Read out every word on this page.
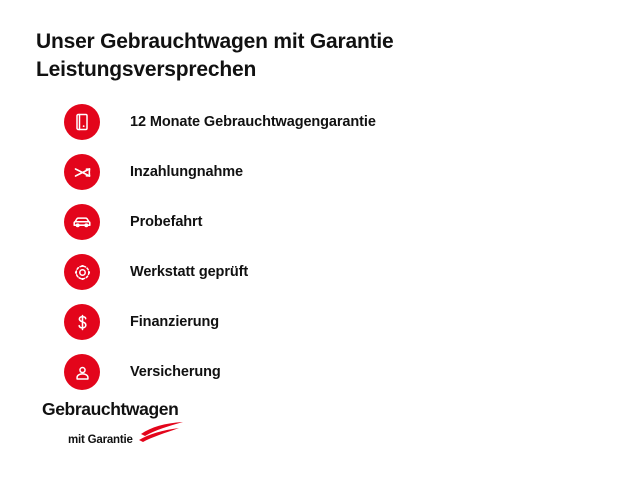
Unser Gebrauchtwagen mit Garantie
Leistungsversprechen
12 Monate Gebrauchtwagengarantie
Inzahlungnahme
Probefahrt
Werkstatt geprüft
Finanzierung
Versicherung
Gebrauchtwagen
mit Garantie
